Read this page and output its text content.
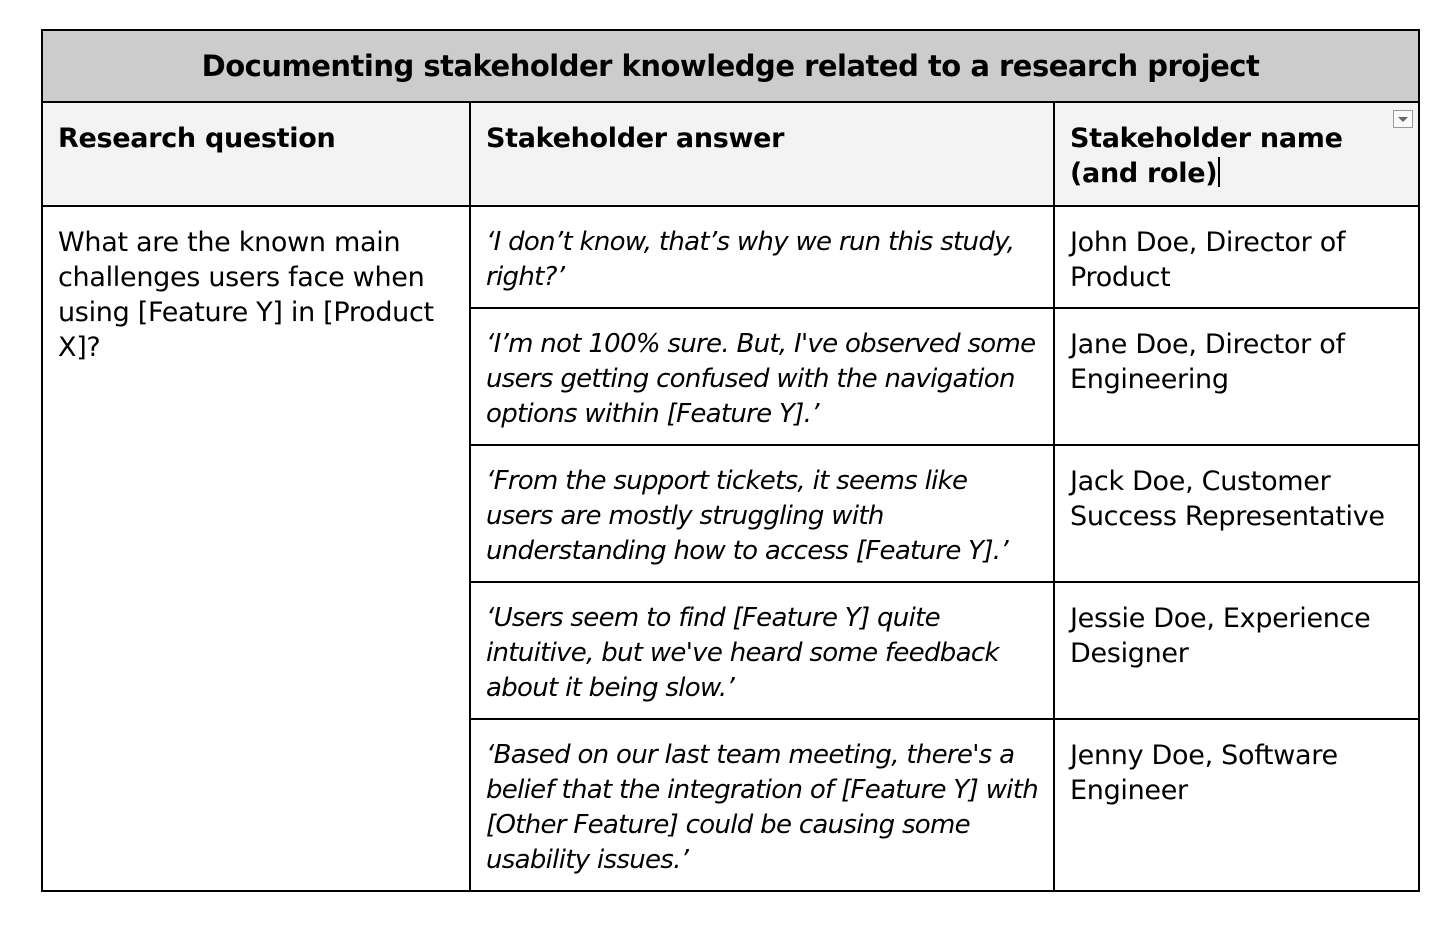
Documenting stakeholder knowledge related to a research project		

Research question	Stakeholder answer	Stakeholder name (and role)

What are the known main challenges users face when using [Feature Y] in [Product X]?	‘I don’t know, that’s why we run this study, right?’	John Doe, Director of Product

	‘I’m not 100% sure. But, I've observed some users getting confused with the navigation options within [Feature Y].’	Jane Doe, Director of Engineering

	‘From the support tickets, it seems like users are mostly struggling with understanding how to access [Feature Y].’	Jack Doe, Customer Success Representative

	‘Users seem to find [Feature Y] quite intuitive, but we've heard some feedback about it being slow.’	Jessie Doe, Experience Designer

	‘Based on our last team meeting, there's a belief that the integration of [Feature Y] with [Other Feature] could be causing some usability issues.’	Jenny Doe, Software Engineer
